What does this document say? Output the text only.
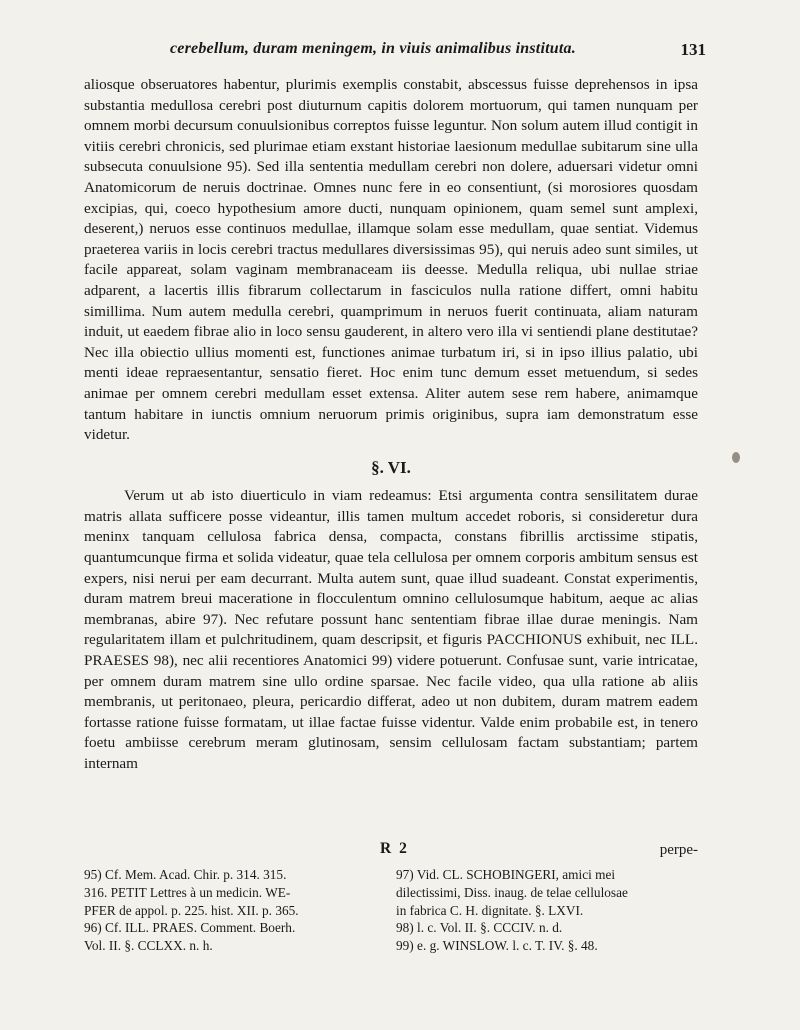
cerebellum, duram meningem, in viuis animalibus instituta.	131

aliosque obseruatores habentur, plurimis exemplis constabit, abscessus fuisse deprehensos in ipsa substantia medullosa cerebri post diuturnum capitis dolorem mortuorum, qui tamen nunquam per omnem morbi decursum conuulsionibus correptos fuisse leguntur. Non solum autem illud contigit in vitiis cerebri chronicis, sed plurimae etiam exstant historiae laesionum medullae subitarum sine ulla subsecuta conuulsione 95). Sed illa sententia medullam cerebri non dolere, aduersari videtur omni Anatomicorum de neruis doctrinae. Omnes nunc fere in eo consentiunt, (si morosiores quosdam excipias, qui, coeco hypothesium amore ducti, nunquam opinionem, quam semel sunt amplexi, deserent,) neruos esse continuos medullae, illamque solam esse medullam, quae sentiat. Videmus praeterea variis in locis cerebri tractus medullares diversissimas 95), qui neruis adeo sunt similes, ut facile appareat, solam vaginam membranaceam iis deesse. Medulla reliqua, ubi nullae striae adparent, a lacertis illis fibrarum collectarum in fasciculos nulla ratione differt, omni habitu simillima. Num autem medulla cerebri, quamprimum in neruos fuerit continuata, aliam naturam induit, ut eaedem fibrae alio in loco sensu gauderent, in altero vero illa vi sentiendi plane destitutae? Nec illa obiectio ullius momenti est, functiones animae turbatum iri, si in ipso illius palatio, ubi menti ideae repraesentantur, sensatio fieret. Hoc enim tunc demum esset metuendum, si sedes animae per omnem cerebri medullam esset extensa. Aliter autem sese rem habere, animamque tantum habitare in iunctis omnium neruorum primis originibus, supra iam demonstratum esse videtur.

§. VI.

Verum ut ab isto diuerticulo in viam redeamus: Etsi argumenta contra sensilitatem durae matris allata sufficere posse videantur, illis tamen multum accedet roboris, si consideretur dura meninx tanquam cellulosa fabrica densa, compacta, constans fibrillis arctissime stipatis, quantumcunque firma et solida videatur, quae tela cellulosa per omnem corporis ambitum sensus est expers, nisi nerui per eam decurrant. Multa autem sunt, quae illud suadeant. Constat experimentis, duram matrem breui maceratione in flocculentum omnino cellulosumque habitum, aeque ac alias membranas, abire 97). Nec refutare possunt hanc sententiam fibrae illae durae meningis. Nam regularitatem illam et pulchritudinem, quam descripsit, et figuris PACCHIONUS exhibuit, nec ILL. PRAESES 98), nec alii recentiores Anatomici 99) videre potuerunt. Confusae sunt, varie intricatae, per omnem duram matrem sine ullo ordine sparsae. Nec facile video, qua ulla ratione ab aliis membranis, ut peritonaeo, pleura, pericardio differat, adeo ut non dubitem, duram matrem eadem fortasse ratione fuisse formatam, ut illae factae fuisse videntur. Valde enim probabile est, in tenero foetu ambiisse cerebrum meram glutinosam, sensim cellulosam factam substantiam; partem internam

R 2	perpe-

95) Cf. Mem. Acad. Chir. p. 314. 315.

316. PETIT Lettres à un medicin. WE-

PFER de appol. p. 225. hist. XII. p. 365.

96) Cf. ILL. PRAES. Comment. Boerh.

Vol. II. §. CCLXX. n. h.

97) Vid. CL. SCHOBINGERI, amici mei

dilectissimi, Diss. inaug. de telae cellulosae

in fabrica C. H. dignitate. §. LXVI.

98) l. c. Vol. II. §. CCCIV. n. d.

99) e. g. WINSLOW. l. c. T. IV. §. 48.
